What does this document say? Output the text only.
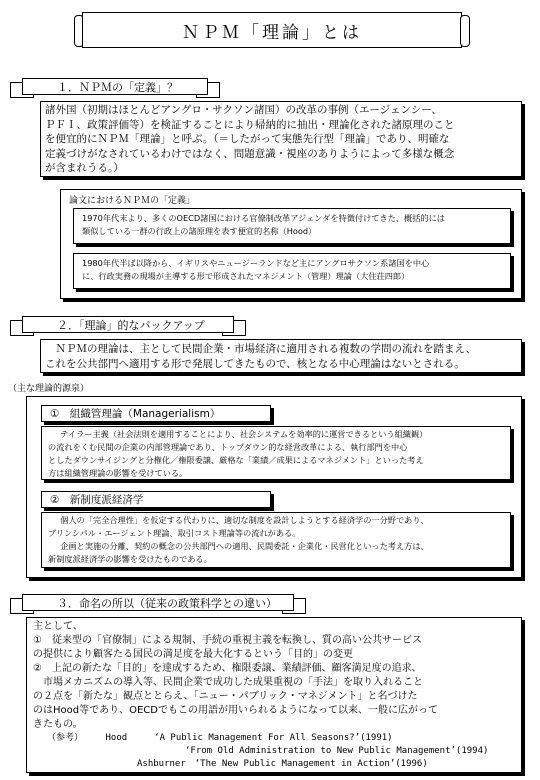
ＮＰＭ「理論」とは
１．ＮＰＭの「定義」？
諸外国（初期はほとんどアングロ・サクソン諸国）の改革の事例（エージェンシー、
ＰＦＩ、政策評価等）を検証することにより帰納的に抽出・理論化された諸原理のこと
を便宜的にＮＰＭ「理論」と呼ぶ。（＝したがって実態先行型「理論」であり、明確な
定義づけがなされているわけではなく、問題意識・視座のありようによって多様な概念
が含まれうる。）
論文におけるＮＰＭの「定義」
1970年代末より、多くのOECD諸国における官僚制改革アジェンダを特徴付けてきた、概括的には
類似している一群の行政上の諸原理を表す便宜的名称（Hood）
1980年代半ば以降から、イギリスやニュージーランドなど主にアングロサクソン系諸国を中心
に、行政実務の現場が主導する形で形成されたマネジメント（管理）理論（大住荘四郎）
２．「理論」的なバックアップ
ＮＰＭの理論は、主として民間企業・市場経済に適用される複数の学問の流れを踏まえ、
これを公共部門へ適用する形で発展してきたもので、核となる中心理論はないとされる。
（主な理論的源泉）
①　組織管理論（Managerialism）
テイラー主義（社会法則を適用することにより、社会システムを効率的に運営できるという組織観）
の流れをくむ民間の企業の内部管理論であり、トップダウン的な経営改革による、執行部門を中心
としたダウンサイジングと分権化／権限委譲、厳格な「業績／成果によるマネジメント」といった考え
方は組織管理論の影響を受けている。
②　新制度派経済学
個人の「完全合理性」を仮定する代わりに、適切な制度を設計しようとする経済学の一分野であり、
プリンシパル・エージェント理論、取引コスト理論等の流れがある。
企画と実施の分離、契約の概念の公共部門への適用、民間委託・企業化・民営化といった考え方は、
新制度派経済学の影響を受けたものである。
３．命名の所以（従来の政策科学との違い）
主として、
①　従来型の「官僚制」による規制、手続の重視主義を転換し、質の高い公共サービス
の提供により顧客たる国民の満足度を最大化するという「目的」の変更
②　上記の新たな「目的」を達成するため、権限委譲、業績評価、顧客満足度の追求、
市場メカニズムの導入等、民間企業で成功した成果重視の「手法」を取り入れること
の２点を「新たな」観点ととらえ、「ニュー・パブリック・マネジメント」と名づけた
のはHood等であり、OECDでもこの用語が用いられるようになって以来、一般に広がって
きたもの。
（参考）　　　Hood　　　‘A Public Management For All Seasons?’(1991)
‘From Old Administration to New Public Management’(1994)
Ashburner　‘The New Public Management in Action’(1996)
